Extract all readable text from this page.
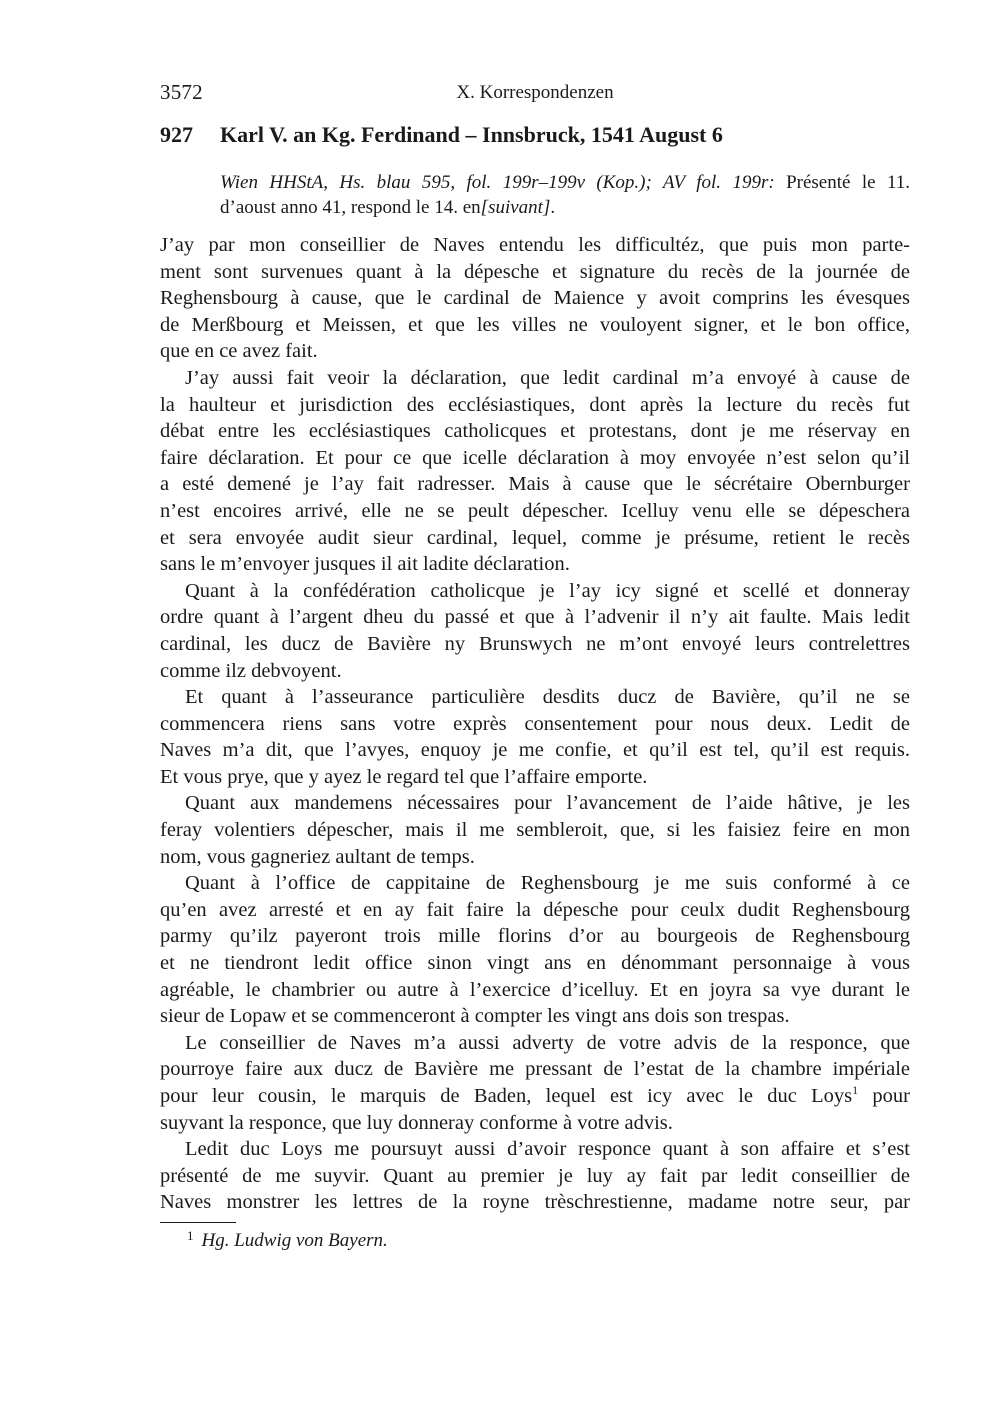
3572	X. Korrespondenzen
927 Karl V. an Kg. Ferdinand – Innsbruck, 1541 August 6
Wien HHStA, Hs. blau 595, fol. 199r–199v (Kop.); AV fol. 199r: Présenté le 11.
d’aoust anno 41, respond le 14. en[suivant].
J’ay par mon conseillier de Naves entendu les difficultéz, que puis mon parte-
ment sont survenues quant à la dépesche et signature du recès de la journée de
Reghensbourg à cause, que le cardinal de Maience y avoit comprins les évesques
de Merßbourg et Meissen, et que les villes ne vouloyent signer, et le bon office,
que en ce avez fait.
J’ay aussi fait veoir la déclaration, que ledit cardinal m’a envoyé à cause de
la haulteur et jurisdiction des ecclésiastiques, dont après la lecture du recès fut
débat entre les ecclésiastiques catholicques et protestans, dont je me réservay en
faire déclaration. Et pour ce que icelle déclaration à moy envoyée n’est selon qu’il
a esté demené je l’ay fait radresser. Mais à cause que le sécrétaire Obernburger
n’est encoires arrivé, elle ne se peult dépescher. Icelluy venu elle se dépeschera
et sera envoyée audit sieur cardinal, lequel, comme je présume, retient le recès
sans le m’envoyer jusques il ait ladite déclaration.
Quant à la confédération catholicque je l’ay icy signé et scellé et donneray
ordre quant à l’argent dheu du passé et que à l’advenir il n’y ait faulte. Mais ledit
cardinal, les ducz de Bavière ny Brunswych ne m’ont envoyé leurs contrelettres
comme ilz debvoyent.
Et quant à l’asseurance particulière desdits ducz de Bavière, qu’il ne se
commencera riens sans votre exprès consentement pour nous deux. Ledit de
Naves m’a dit, que l’avyes, enquoy je me confie, et qu’il est tel, qu’il est requis.
Et vous prye, que y ayez le regard tel que l’affaire emporte.
Quant aux mandemens nécessaires pour l’avancement de l’aide hâtive, je les
feray volentiers dépescher, mais il me sembleroit, que, si les faisiez feire en mon
nom, vous gagneriez aultant de temps.
Quant à l’office de cappitaine de Reghensbourg je me suis conformé à ce
qu’en avez arresté et en ay fait faire la dépesche pour ceulx dudit Reghensbourg
parmy qu’ilz payeront trois mille florins d’or au bourgeois de Reghensbourg
et ne tiendront ledit office sinon vingt ans en dénommant personnaige à vous
agréable, le chambrier ou autre à l’exercice d’icelluy. Et en joyra sa vye durant le
sieur de Lopaw et se commenceront à compter les vingt ans dois son trespas.
Le conseillier de Naves m’a aussi adverty de votre advis de la responce, que
pourroye faire aux ducz de Bavière me pressant de l’estat de la chambre impériale
pour leur cousin, le marquis de Baden, lequel est icy avec le duc Loys$^1$ pour
suyvant la responce, que luy donneray conforme à votre advis.
Ledit duc Loys me poursuyt aussi d’avoir responce quant à son affaire et s’est
présenté de me suyvir. Quant au premier je luy ay fait par ledit conseillier de
Naves monstrer les lettres de la royne trèschrestienne, madame notre seur, par
$^1$ Hg. Ludwig von Bayern.
